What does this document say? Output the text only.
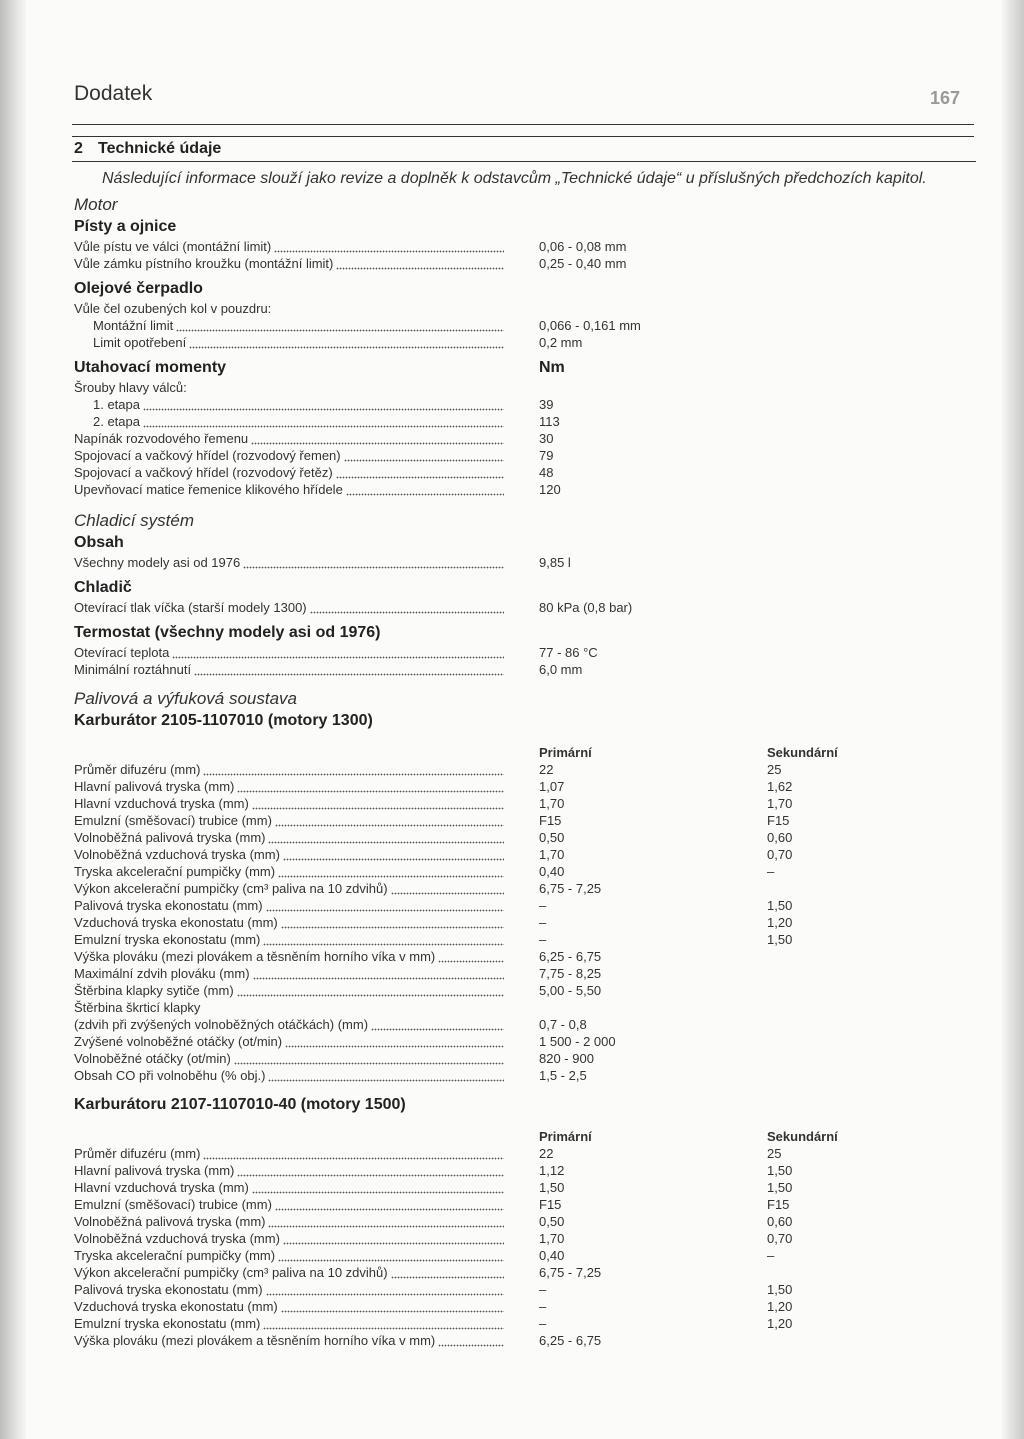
Dodatek	167
2 Technické údaje
Následující informace slouží jako revize a doplněk k odstavcům „Technické údaje“ u příslušných předchozích kapitol.
Motor
Písty a ojnice
Vůle pístu ve válci (montážní limit)	0,06 - 0,08 mm
Vůle zámku pístního kroužku (montážní limit)	0,25 - 0,40 mm
Olejové čerpadlo
Vůle čel ozubených kol v pouzdru:
Montážní limit	0,066 - 0,161 mm
Limit opotřebení	0,2 mm
Utahovací momenty	Nm
Šrouby hlavy válců:
1. etapa	39
2. etapa	113
Napínák rozvodového řemenu	30
Spojovací a vačkový hřídel (rozvodový řemen)	79
Spojovací a vačkový hřídel (rozvodový řetěz)	48
Upevňovací matice řemenice klikového hřídele	120
Chladicí systém
Obsah
Všechny modely asi od 1976	9,85 l
Chladič
Otevírací tlak víčka (starší modely 1300)	80 kPa (0,8 bar)
Termostat (všechny modely asi od 1976)
Otevírací teplota	77 - 86 °C
Minimální roztáhnutí	6,0 mm
Palivová a výfuková soustava
Karburátor 2105-1107010 (motory 1300)
Primární	Sekundární
Průměr difuzéru (mm)	22	25
Hlavní palivová tryska (mm)	1,07	1,62
Hlavní vzduchová tryska (mm)	1,70	1,70
Emulzní (směšovací) trubice (mm)	F15	F15
Volnoběžná palivová tryska (mm)	0,50	0,60
Volnoběžná vzduchová tryska (mm)	1,70	0,70
Tryska akcelerační pumpičky (mm)	0,40	–
Výkon akcelerační pumpičky (cm³ paliva na 10 zdvihů)	6,75 - 7,25
Palivová tryska ekonostatu (mm)	–	1,50
Vzduchová tryska ekonostatu (mm)	–	1,20
Emulzní tryska ekonostatu (mm)	–	1,50
Výška plováku (mezi plovákem a těsněním horního víka v mm)	6,25 - 6,75
Maximální zdvih plováku (mm)	7,75 - 8,25
Štěrbina klapky sytiče (mm)	5,00 - 5,50
Štěrbina škrticí klapky
(zdvih při zvýšených volnoběžných otáčkách) (mm)	0,7 - 0,8
Zvýšené volnoběžné otáčky (ot/min)	1 500 - 2 000
Volnoběžné otáčky (ot/min)	820 - 900
Obsah CO při volnoběhu (% obj.)	1,5 - 2,5
Karburátoru 2107-1107010-40 (motory 1500)
Primární	Sekundární
Průměr difuzéru (mm)	22	25
Hlavní palivová tryska (mm)	1,12	1,50
Hlavní vzduchová tryska (mm)	1,50	1,50
Emulzní (směšovací) trubice (mm)	F15	F15
Volnoběžná palivová tryska (mm)	0,50	0,60
Volnoběžná vzduchová tryska (mm)	1,70	0,70
Tryska akcelerační pumpičky (mm)	0,40	–
Výkon akcelerační pumpičky (cm³ paliva na 10 zdvihů)	6,75 - 7,25
Palivová tryska ekonostatu (mm)	–	1,50
Vzduchová tryska ekonostatu (mm)	–	1,20
Emulzní tryska ekonostatu (mm)	–	1,20
Výška plováku (mezi plovákem a těsněním horního víka v mm)	6,25 - 6,75
